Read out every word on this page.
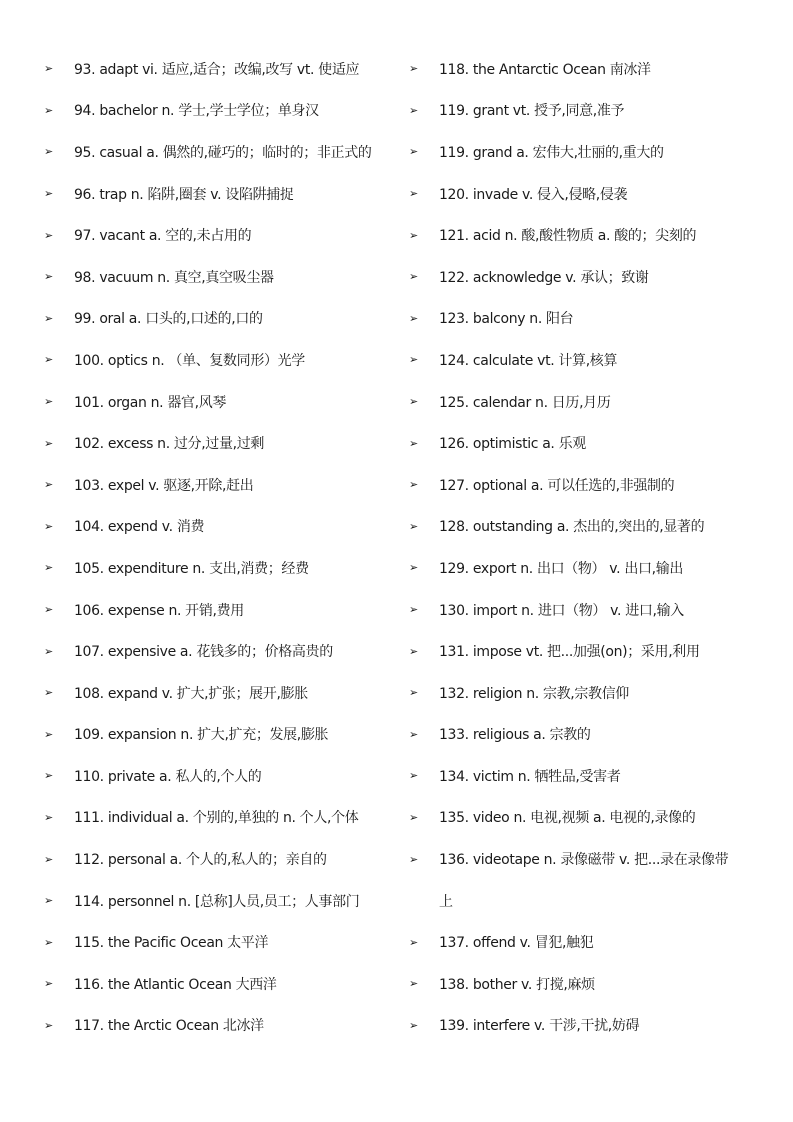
➢	93. adapt vi. 适应,适合；改编,改写 vt. 使适应
➢	94. bachelor n. 学士,学士学位；单身汉
➢	95. casual a. 偶然的,碰巧的；临时的；非正式的
➢	96. trap n. 陷阱,圈套 v. 设陷阱捕捉
➢	97. vacant a. 空的,未占用的
➢	98. vacuum n. 真空,真空吸尘器
➢	99. oral a. 口头的,口述的,口的
➢	100. optics n. （单、复数同形）光学
➢	101. organ n. 器官,风琴
➢	102. excess n. 过分,过量,过剩
➢	103. expel v. 驱逐,开除,赶出
➢	104. expend v. 消费
➢	105. expenditure n. 支出,消费；经费
➢	106. expense n. 开销,费用
➢	107. expensive a. 花钱多的；价格高贵的
➢	108. expand v. 扩大,扩张；展开,膨胀
➢	109. expansion n. 扩大,扩充；发展,膨胀
➢	110. private a. 私人的,个人的
➢	111. individual a. 个别的,单独的 n. 个人,个体
➢	112. personal a. 个人的,私人的；亲自的
➢	114. personnel n. [总称]人员,员工；人事部门
➢	115. the Pacific Ocean 太平洋
➢	116. the Atlantic Ocean 大西洋
➢	117. the Arctic Ocean 北冰洋
➢	118. the Antarctic Ocean 南冰洋
➢	119. grant vt. 授予,同意,准予
➢	119. grand a. 宏伟大,壮丽的,重大的
➢	120. invade v. 侵入,侵略,侵袭
➢	121. acid n. 酸,酸性物质 a. 酸的；尖刻的
➢	122. acknowledge v. 承认；致谢
➢	123. balcony n. 阳台
➢	124. calculate vt. 计算,核算
➢	125. calendar n. 日历,月历
➢	126. optimistic a. 乐观
➢	127. optional a. 可以任选的,非强制的
➢	128. outstanding a. 杰出的,突出的,显著的
➢	129. export n. 出口（物） v. 出口,输出
➢	130. import n. 进口（物） v. 进口,输入
➢	131. impose vt. 把...加强(on)；采用,利用
➢	132. religion n. 宗教,宗教信仰
➢	133. religious a. 宗教的
➢	134. victim n. 牺牲品,受害者
➢	135. video n. 电视,视频 a. 电视的,录像的
➢	136. videotape n. 录像磁带 v. 把...录在录像带
上
➢	137. offend v. 冒犯,触犯
➢	138. bother v. 打搅,麻烦
➢	139. interfere v. 干涉,干扰,妨碍
